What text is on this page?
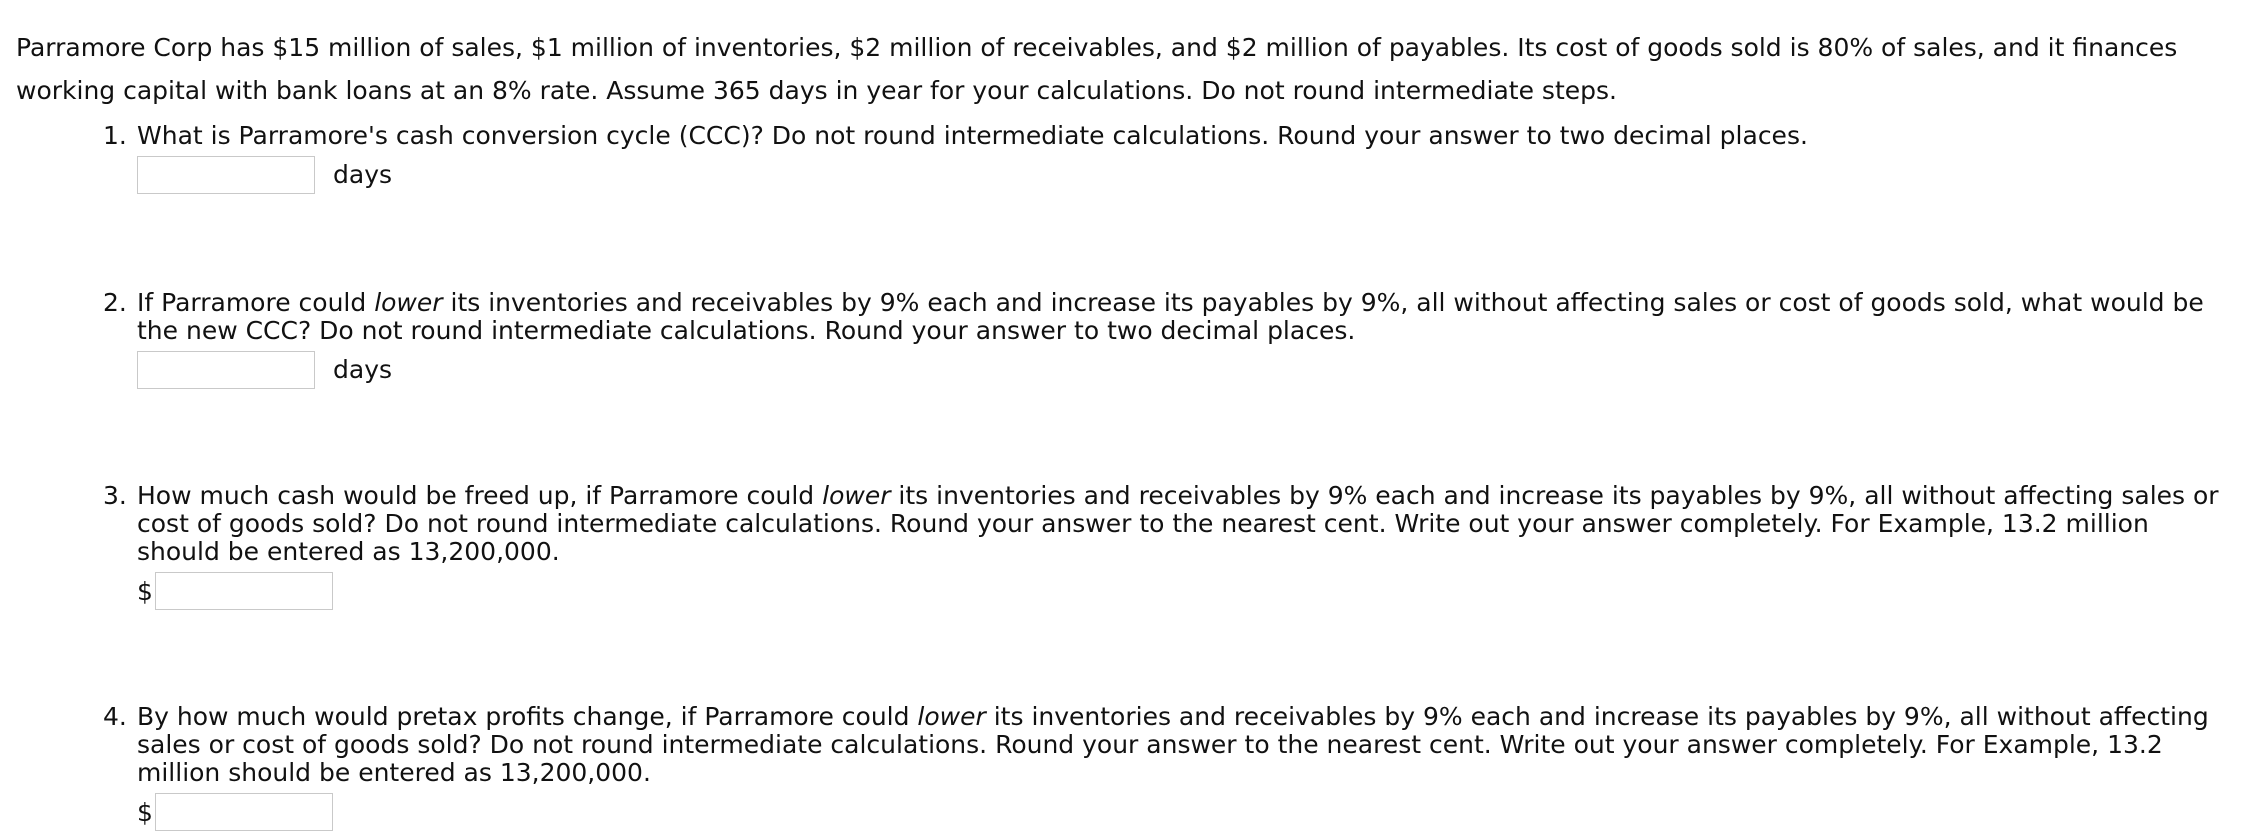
Parramore Corp has $15 million of sales, $1 million of inventories, $2 million of receivables, and $2 million of payables. Its cost of goods sold is 80% of sales, and it finances working capital with bank loans at an 8% rate. Assume 365 days in year for your calculations. Do not round intermediate steps.

1. What is Parramore's cash conversion cycle (CCC)? Do not round intermediate calculations. Round your answer to two decimal places.
days
2. If Parramore could lower its inventories and receivables by 9% each and increase its payables by 9%, all without affecting sales or cost of goods sold, what would be the new CCC? Do not round intermediate calculations. Round your answer to two decimal places.
days
3. How much cash would be freed up, if Parramore could lower its inventories and receivables by 9% each and increase its payables by 9%, all without affecting sales or cost of goods sold? Do not round intermediate calculations. Round your answer to the nearest cent. Write out your answer completely. For Example, 13.2 million should be entered as 13,200,000.
$
4. By how much would pretax profits change, if Parramore could lower its inventories and receivables by 9% each and increase its payables by 9%, all without affecting sales or cost of goods sold? Do not round intermediate calculations. Round your answer to the nearest cent. Write out your answer completely. For Example, 13.2 million should be entered as 13,200,000.
$
